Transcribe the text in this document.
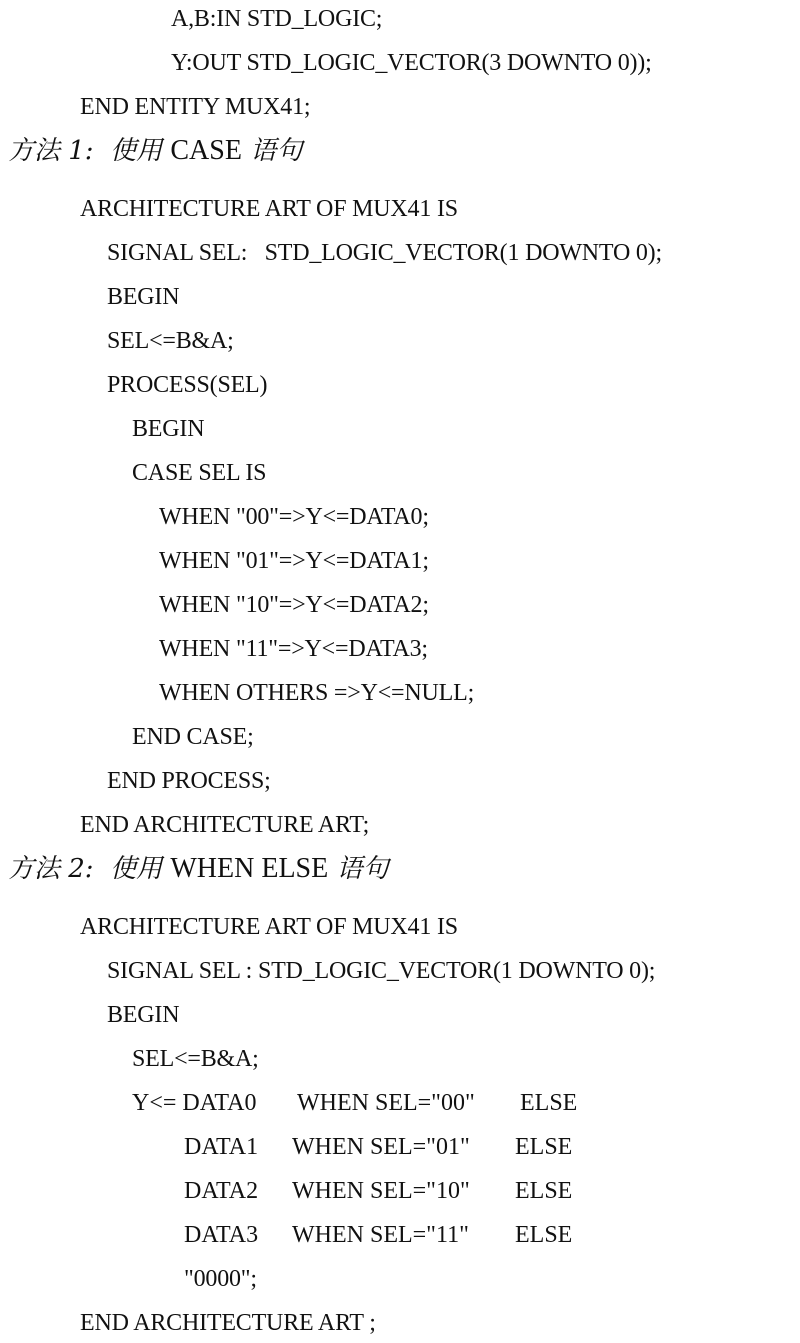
A,B:IN STD_LOGIC;
Y:OUT STD_LOGIC_VECTOR(3 DOWNTO 0));
END ENTITY MUX41;
方法 1:  使用 CASE 语句
ARCHITECTURE ART OF MUX41 IS
SIGNAL SEL:   STD_LOGIC_VECTOR(1 DOWNTO 0);
BEGIN
SEL<=B&A;
PROCESS(SEL)
BEGIN
CASE SEL IS
WHEN "00"=>Y<=DATA0;
WHEN "01"=>Y<=DATA1;
WHEN "10"=>Y<=DATA2;
WHEN "11"=>Y<=DATA3;
WHEN OTHERS =>Y<=NULL;
END CASE;
END PROCESS;
END ARCHITECTURE ART;
方法 2:  使用 WHEN ELSE 语句
ARCHITECTURE ART OF MUX41 IS
SIGNAL SEL : STD_LOGIC_VECTOR(1 DOWNTO 0);
BEGIN
SEL<=B&A;
Y<= DATA0 WHEN SEL="00" ELSE
DATA1 WHEN SEL="01" ELSE
DATA2 WHEN SEL="10" ELSE
DATA3 WHEN SEL="11" ELSE
"0000";
END ARCHITECTURE ART ;
